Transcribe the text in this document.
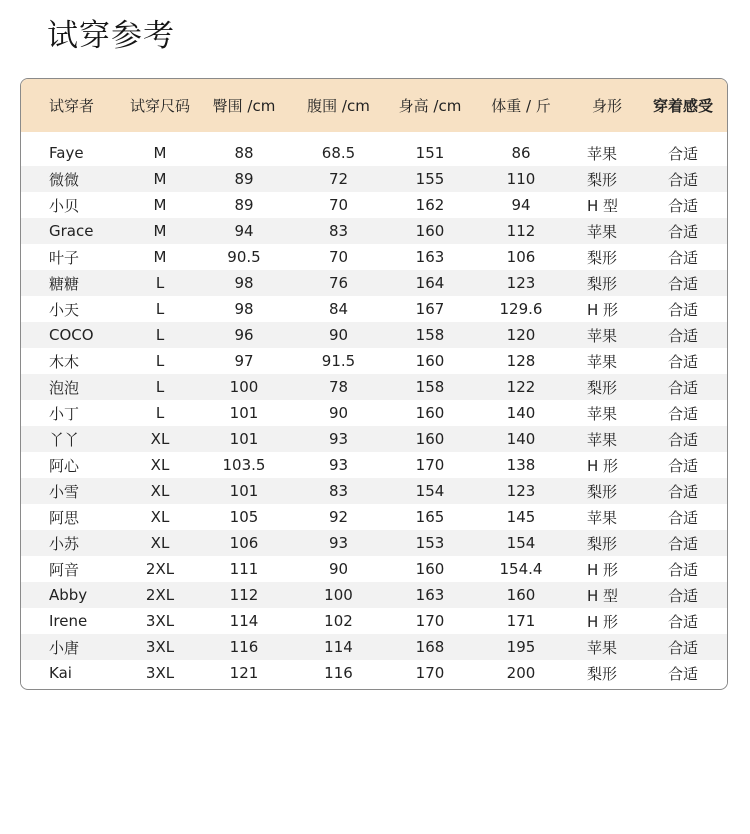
试穿参考
试穿者	试穿尺码	臀围 /cm	腹围 /cm	身高 /cm	体重 / 斤	身形	穿着感受

Faye	M	88	68.5	151	86	苹果	合适
微微	M	89	72	155	110	梨形	合适
小贝	M	89	70	162	94	H 型	合适
Grace	M	94	83	160	112	苹果	合适
叶子	M	90.5	70	163	106	梨形	合适
糖糖	L	98	76	164	123	梨形	合适
小天	L	98	84	167	129.6	H 形	合适
COCO	L	96	90	158	120	苹果	合适
木木	L	97	91.5	160	128	苹果	合适
泡泡	L	100	78	158	122	梨形	合适
小丁	L	101	90	160	140	苹果	合适
丫丫	XL	101	93	160	140	苹果	合适
阿心	XL	103.5	93	170	138	H 形	合适
小雪	XL	101	83	154	123	梨形	合适
阿思	XL	105	92	165	145	苹果	合适
小苏	XL	106	93	153	154	梨形	合适
阿音	2XL	111	90	160	154.4	H 形	合适
Abby	2XL	112	100	163	160	H 型	合适
Irene	3XL	114	102	170	171	H 形	合适
小唐	3XL	116	114	168	195	苹果	合适
Kai	3XL	121	116	170	200	梨形	合适
